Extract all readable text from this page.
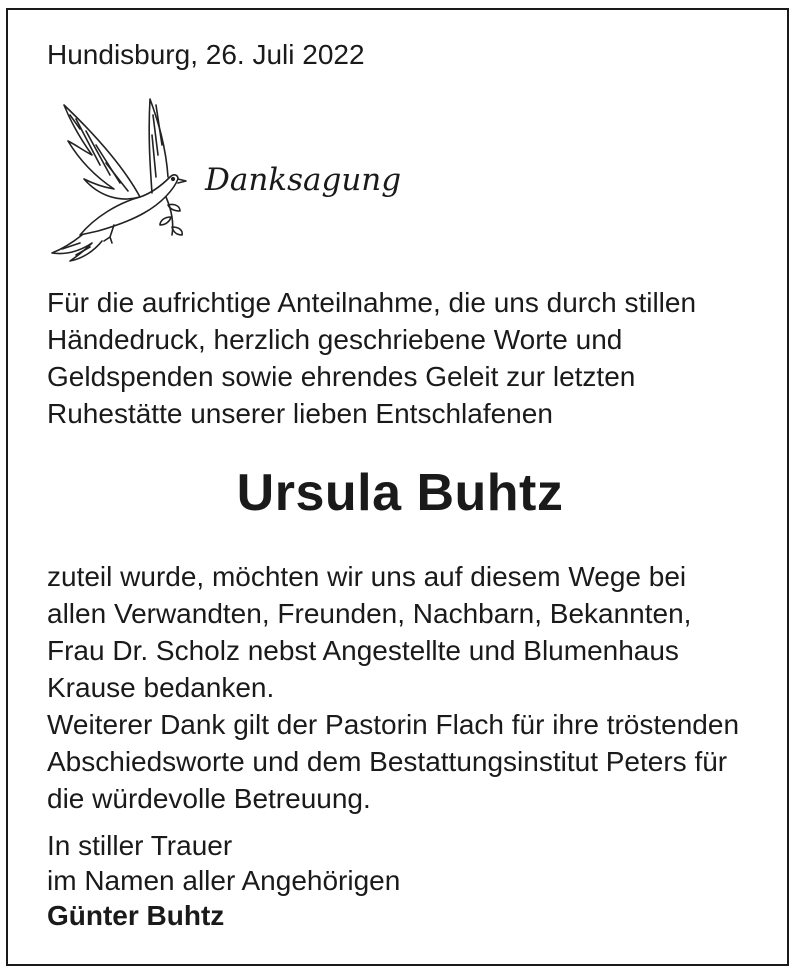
Hundisburg, 26. Juli 2022
Danksagung
Für die aufrichtige Anteilnahme, die uns durch stillen
Händedruck, herzlich geschriebene Worte und
Geldspenden sowie ehrendes Geleit zur letzten
Ruhestätte unserer lieben Entschlafenen
Ursula Buhtz
zuteil wurde, möchten wir uns auf diesem Wege bei
allen Verwandten, Freunden, Nachbarn, Bekannten,
Frau Dr. Scholz nebst Angestellte und Blumenhaus
Krause bedanken.
Weiterer Dank gilt der Pastorin Flach für ihre tröstenden
Abschiedsworte und dem Bestattungsinstitut Peters für
die würdevolle Betreuung.
In stiller Trauer
im Namen aller Angehörigen
Günter Buhtz
